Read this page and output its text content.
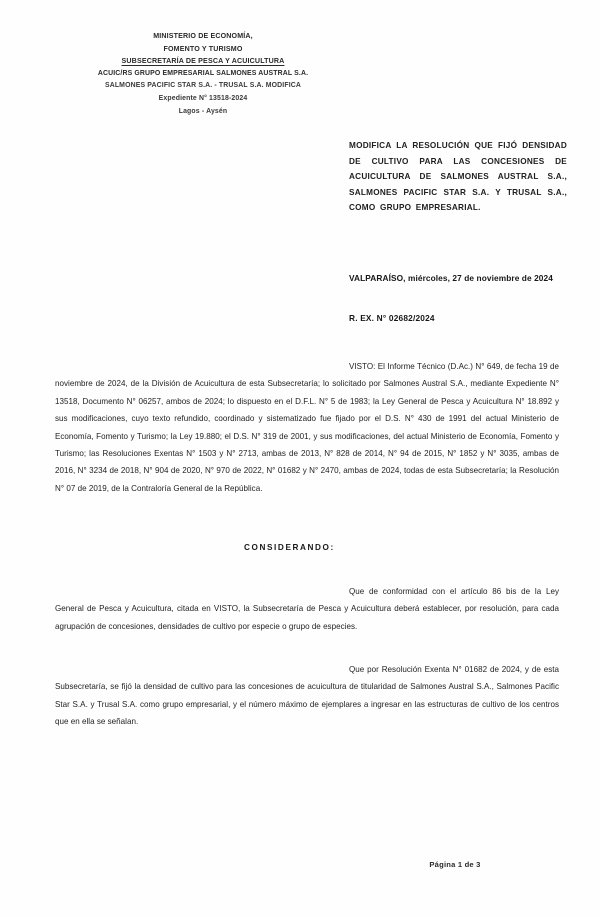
MINISTERIO DE ECONOMÍA,
FOMENTO Y TURISMO
SUBSECRETARÍA DE PESCA Y ACUICULTURA
ACUIC/RS GRUPO EMPRESARIAL SALMONES AUSTRAL S.A.
SALMONES PACIFIC STAR S.A. - TRUSAL S.A. MODIFICA
Expediente N° 13518-2024
Lagos - Aysén
MODIFICA LA RESOLUCIÓN QUE FIJÓ DENSIDAD DE CULTIVO PARA LAS CONCESIONES DE ACUICULTURA DE SALMONES AUSTRAL S.A., SALMONES PACIFIC STAR S.A. Y TRUSAL S.A., COMO GRUPO EMPRESARIAL.
VALPARAÍSO, miércoles, 27 de noviembre de 2024
R. EX. N° 02682/2024
VISTO: El Informe Técnico (D.Ac.) N° 649, de fecha 19 de noviembre de 2024, de la División de Acuicultura de esta Subsecretaría; lo solicitado por Salmones Austral S.A., mediante Expediente N° 13518, Documento N° 06257, ambos de 2024; lo dispuesto en el D.F.L. N° 5 de 1983; la Ley General de Pesca y Acuicultura N° 18.892 y sus modificaciones, cuyo texto refundido, coordinado y sistematizado fue fijado por el D.S. N° 430 de 1991 del actual Ministerio de Economía, Fomento y Turismo; la Ley 19.880; el D.S. N° 319 de 2001, y sus modificaciones, del actual Ministerio de Economía, Fomento y Turismo; las Resoluciones Exentas N° 1503 y N° 2713, ambas de 2013, N° 828 de 2014, N° 94 de 2015, N° 1852 y N° 3035, ambas de 2016, N° 3234 de 2018, N° 904 de 2020, N° 970 de 2022, N° 01682 y N° 2470, ambas de 2024, todas de esta Subsecretaría; la Resolución N° 07 de 2019, de la Contraloría General de la República.
CONSIDERANDO:
Que de conformidad con el artículo 86 bis de la Ley General de Pesca y Acuicultura, citada en VISTO, la Subsecretaría de Pesca y Acuicultura deberá establecer, por resolución, para cada agrupación de concesiones, densidades de cultivo por especie o grupo de especies.
Que por Resolución Exenta N° 01682 de 2024, y de esta Subsecretaría, se fijó la densidad de cultivo para las concesiones de acuicultura de titularidad de Salmones Austral S.A., Salmones Pacific Star S.A. y Trusal S.A. como grupo empresarial, y el número máximo de ejemplares a ingresar en las estructuras de cultivo de los centros que en ella se señalan.
Página 1 de 3
